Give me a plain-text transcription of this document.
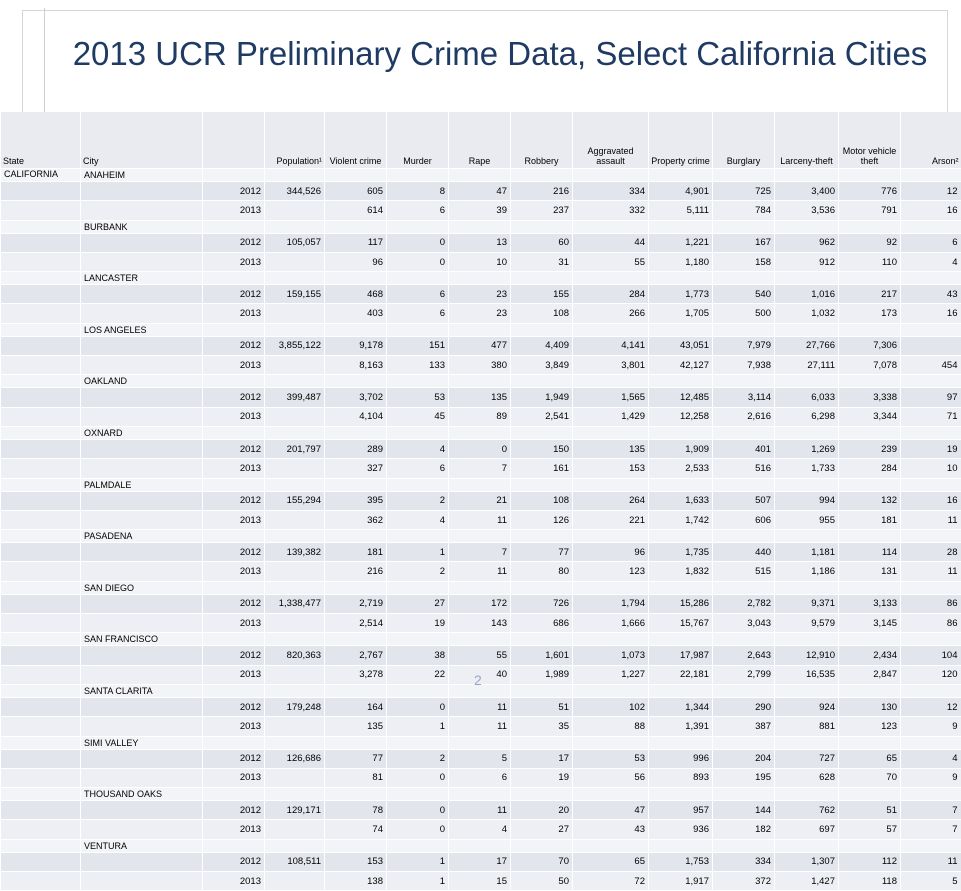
2013 UCR Preliminary Crime Data, Select California Cities
State	City		Population¹	Violent crime	Murder	Rape	Robbery	Aggravated assault	Property crime	Burglary	Larceny-theft	Motor vehicle theft	Arson²
CALIFORNIA	ANAHEIM												
		2012	344,526	605	8	47	216	334	4,901	725	3,400	776	12
		2013		614	6	39	237	332	5,111	784	3,536	791	16
	BURBANK												
		2012	105,057	117	0	13	60	44	1,221	167	962	92	6
		2013		96	0	10	31	55	1,180	158	912	110	4
	LANCASTER												
		2012	159,155	468	6	23	155	284	1,773	540	1,016	217	43
		2013		403	6	23	108	266	1,705	500	1,032	173	16
	LOS ANGELES												
		2012	3,855,122	9,178	151	477	4,409	4,141	43,051	7,979	27,766	7,306	
		2013		8,163	133	380	3,849	3,801	42,127	7,938	27,111	7,078	454
	OAKLAND												
		2012	399,487	3,702	53	135	1,949	1,565	12,485	3,114	6,033	3,338	97
		2013		4,104	45	89	2,541	1,429	12,258	2,616	6,298	3,344	71
	OXNARD												
		2012	201,797	289	4	0	150	135	1,909	401	1,269	239	19
		2013		327	6	7	161	153	2,533	516	1,733	284	10
	PALMDALE												
		2012	155,294	395	2	21	108	264	1,633	507	994	132	16
		2013		362	4	11	126	221	1,742	606	955	181	11
	PASADENA												
		2012	139,382	181	1	7	77	96	1,735	440	1,181	114	28
		2013		216	2	11	80	123	1,832	515	1,186	131	11
	SAN DIEGO												
		2012	1,338,477	2,719	27	172	726	1,794	15,286	2,782	9,371	3,133	86
		2013		2,514	19	143	686	1,666	15,767	3,043	9,579	3,145	86
	SAN FRANCISCO												
		2012	820,363	2,767	38	55	1,601	1,073	17,987	2,643	12,910	2,434	104
		2013		3,278	22	40	1,989	1,227	22,181	2,799	16,535	2,847	120
	SANTA CLARITA												
		2012	179,248	164	0	11	51	102	1,344	290	924	130	12
		2013		135	1	11	35	88	1,391	387	881	123	9
	SIMI VALLEY												
		2012	126,686	77	2	5	17	53	996	204	727	65	4
		2013		81	0	6	19	56	893	195	628	70	9
	THOUSAND OAKS												
		2012	129,171	78	0	11	20	47	957	144	762	51	7
		2013		74	0	4	27	43	936	182	697	57	7
	VENTURA												
		2012	108,511	153	1	17	70	65	1,753	334	1,307	112	11
		2013		138	1	15	50	72	1,917	372	1,427	118	5
2
